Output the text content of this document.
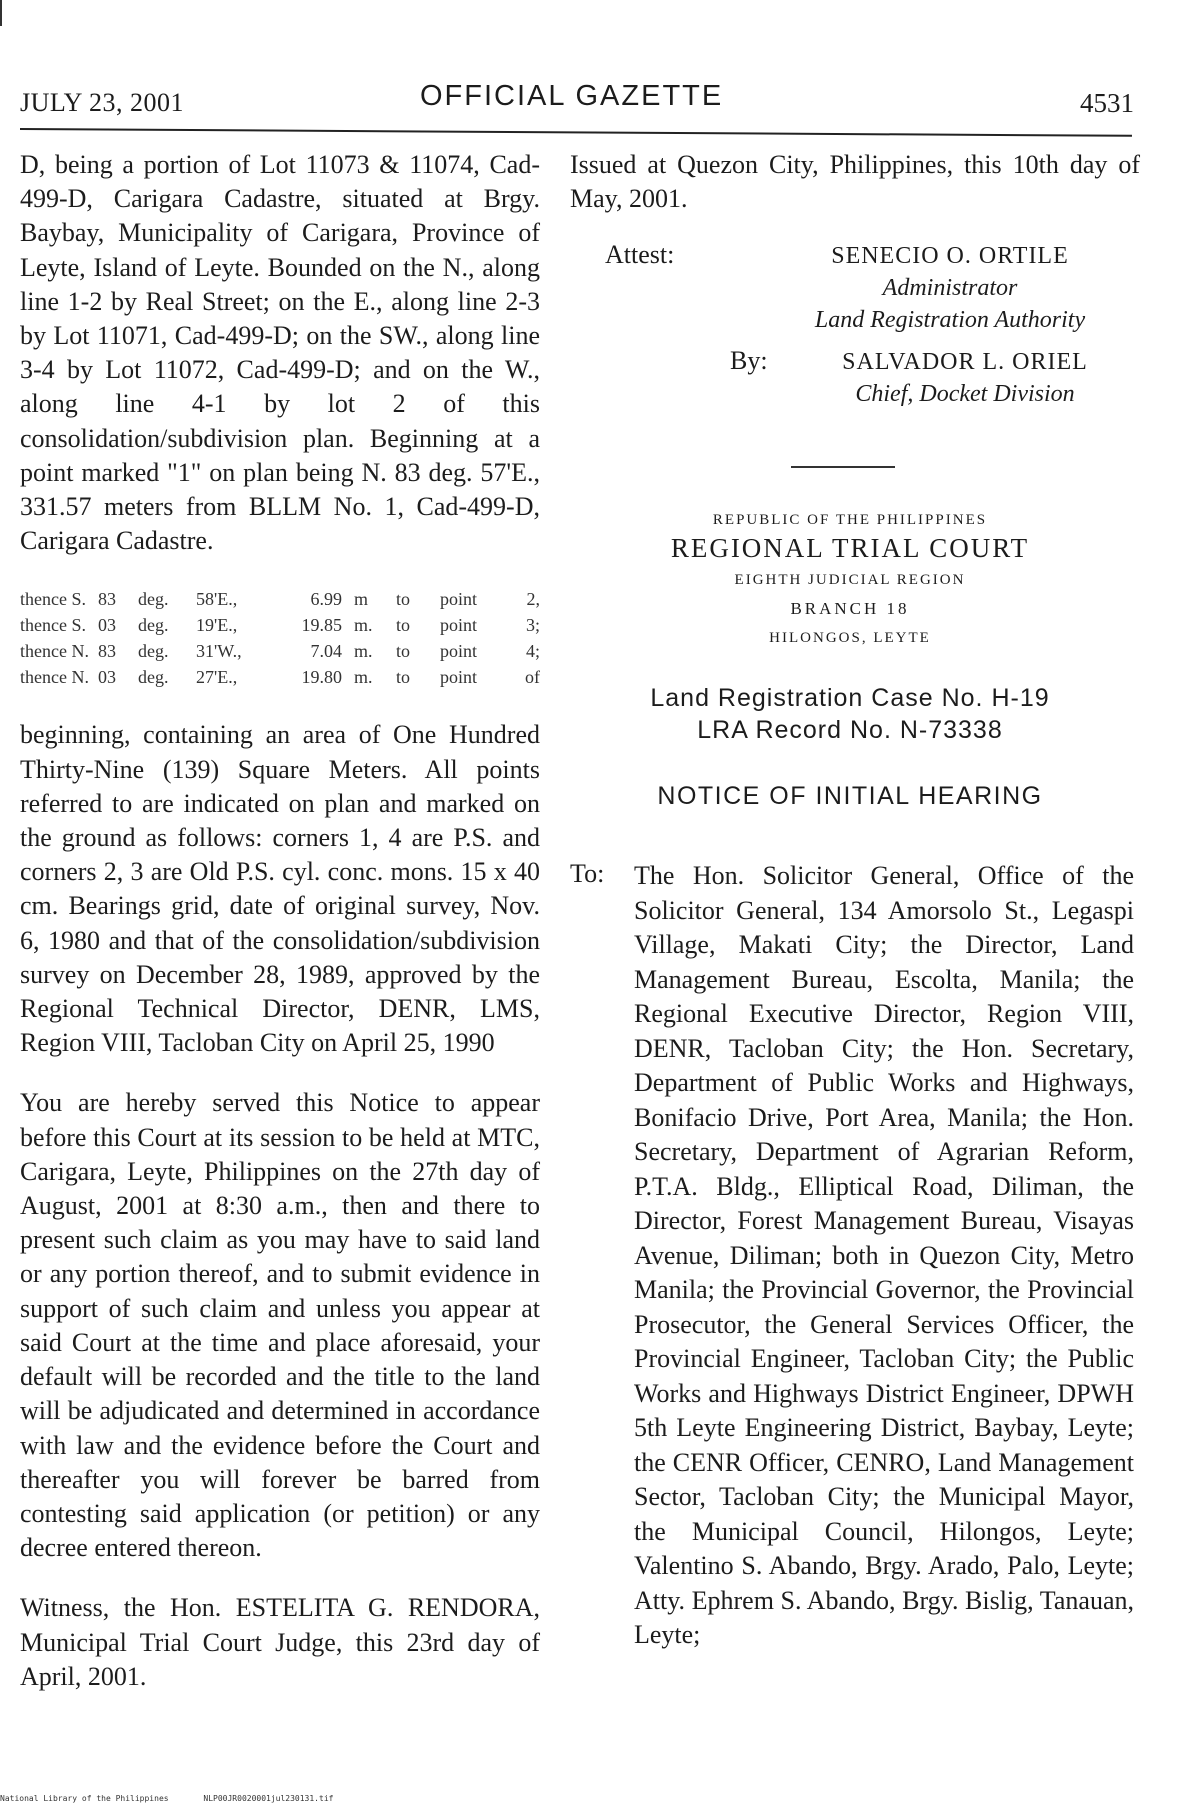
JULY 23, 2001	OFFICIAL GAZETTE	4531

D, being a portion of Lot 11073 & 11074, Cad-499-D, Carigara Cadastre, situated at Brgy. Baybay, Municipality of Carigara, Province of Leyte, Island of Leyte. Bounded on the N., along line 1-2 by Real Street; on the E., along line 2-3 by Lot 11071, Cad-499-D; on the SW., along line 3-4 by Lot 11072, Cad-499-D; and on the W., along line 4-1 by lot 2 of this consolidation/subdivision plan. Beginning at a point marked "1" on plan being N. 83 deg. 57'E., 331.57 meters from BLLM No. 1, Cad-499-D, Carigara Cadastre.

thence S.	83	deg.	58'E.,	6.99	m	to	point	2,
thence S.	03	deg.	19'E.,	19.85	m.	to	point	3;
thence N.	83	deg.	31'W.,	7.04	m.	to	point	4;
thence N.	03	deg.	27'E.,	19.80	m.	to	point	of

beginning, containing an area of One Hundred Thirty-Nine (139) Square Meters. All points referred to are indicated on plan and marked on the ground as follows: corners 1, 4 are P.S. and corners 2, 3 are Old P.S. cyl. conc. mons. 15 x 40 cm. Bearings grid, date of original survey, Nov. 6, 1980 and that of the consolidation/subdivision survey on December 28, 1989, approved by the Regional Technical Director, DENR, LMS, Region VIII, Tacloban City on April 25, 1990

You are hereby served this Notice to appear before this Court at its session to be held at MTC, Carigara, Leyte, Philippines on the 27th day of August, 2001 at 8:30 a.m., then and there to present such claim as you may have to said land or any portion thereof, and to submit evidence in support of such claim and unless you appear at said Court at the time and place aforesaid, your default will be recorded and the title to the land will be adjudicated and determined in accordance with law and the evidence before the Court and thereafter you will forever be barred from contesting said application (or petition) or any decree entered thereon.

Witness, the Hon. ESTELITA G. RENDORA, Municipal Trial Court Judge, this 23rd day of April, 2001.

Issued at Quezon City, Philippines, this 10th day of May, 2001.

Attest:	SENECIO O. ORTILE
Administrator
Land Registration Authority
By:	SALVADOR L. ORIEL
Chief, Docket Division
REPUBLIC OF THE PHILIPPINES
REGIONAL TRIAL COURT
EIGHTH JUDICIAL REGION
BRANCH 18
HILONGOS, LEYTE
Land Registration Case No. H-19
LRA Record No. N-73338
NOTICE OF INITIAL HEARING
To: The Hon. Solicitor General, Office of the Solicitor General, 134 Amorsolo St., Legaspi Village, Makati City; the Director, Land Management Bureau, Escolta, Manila; the Regional Executive Director, Region VIII, DENR, Tacloban City; the Hon. Secretary, Department of Public Works and Highways, Bonifacio Drive, Port Area, Manila; the Hon. Secretary, Department of Agrarian Reform, P.T.A. Bldg., Elliptical Road, Diliman, the Director, Forest Management Bureau, Visayas Avenue, Diliman; both in Quezon City, Metro Manila; the Provincial Governor, the Provincial Prosecutor, the General Services Officer, the Provincial Engineer, Tacloban City; the Public Works and Highways District Engineer, DPWH 5th Leyte Engineering District, Baybay, Leyte; the CENR Officer, CENRO, Land Management Sector, Tacloban City; the Municipal Mayor, the Municipal Council, Hilongos, Leyte; Valentino S. Abando, Brgy. Arado, Palo, Leyte; Atty. Ephrem S. Abando, Brgy. Bislig, Tanauan, Leyte;
National Library of the Philippines	NLP00JR0020001jul230131.tif
